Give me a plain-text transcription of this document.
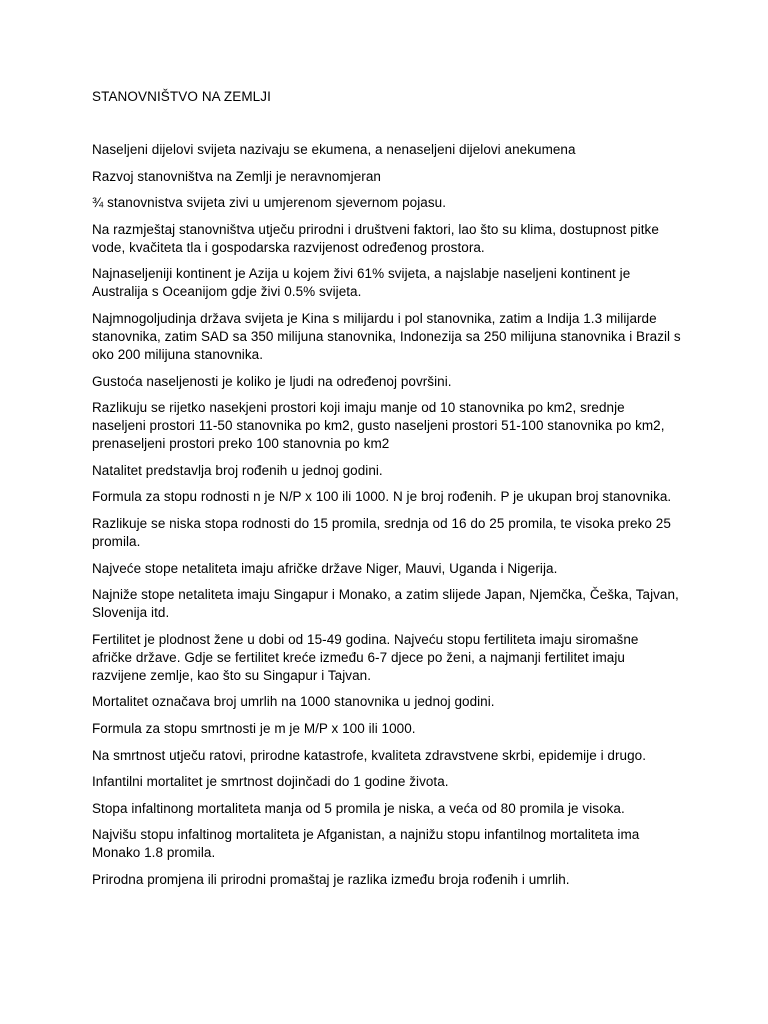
STANOVNIŠTVO NA ZEMLJI

Naseljeni dijelovi svijeta nazivaju se ekumena, a nenaseljeni dijelovi anekumena

Razvoj stanovništva na Zemlji je neravnomjeran

¾ stanovnistva svijeta zivi u umjerenom sjevernom pojasu.

Na razmještaj stanovništva utječu prirodni i društveni faktori, lao što su klima, dostupnost pitke vode, kvačiteta tla i gospodarska razvijenost određenog prostora.

Najnaseljeniji kontinent je Azija u kojem živi 61% svijeta, a najslabje naseljeni kontinent je Australija s Oceanijom gdje živi 0.5% svijeta.

Najmnogoljudinja država svijeta je Kina s milijardu i pol stanovnika, zatim a Indija 1.3 milijarde stanovnika, zatim SAD sa 350 milijuna stanovnika, Indonezija sa 250 milijuna stanovnika i Brazil s oko 200 milijuna stanovnika.

Gustoća naseljenosti je koliko je ljudi na određenoj površini.

Razlikuju se rijetko nasekjeni prostori koji imaju manje od 10 stanovnika po km2, srednje naseljeni prostori 11-50 stanovnika po km2, gusto naseljeni prostori 51-100 stanovnika po km2, prenaseljeni prostori preko 100 stanovnia po km2

Natalitet predstavlja broj rođenih u jednoj godini.

Formula za stopu rodnosti n je N/P x 100 ili 1000. N je broj rođenih. P je ukupan broj stanovnika.

Razlikuje se niska stopa rodnosti do 15 promila, srednja od 16 do 25 promila, te visoka preko 25 promila.

Najveće stope netaliteta imaju afričke države Niger, Mauvi, Uganda i Nigerija.

Najniže stope netaliteta imaju Singapur i Monako, a zatim slijede Japan, Njemčka, Češka, Tajvan, Slovenija itd.

Fertilitet je plodnost žene u dobi od 15-49 godina. Najveću stopu fertiliteta imaju siromašne afričke države. Gdje se fertilitet kreće između 6-7 djece po ženi, a najmanji fertilitet imaju razvijene zemlje, kao što su Singapur i Tajvan.

Mortalitet označava broj umrlih na 1000 stanovnika u jednoj godini.

Formula za stopu smrtnosti je m je M/P x 100 ili 1000.

Na smrtnost utječu ratovi, prirodne katastrofe, kvaliteta zdravstvene skrbi, epidemije i drugo.

Infantilni mortalitet je smrtnost dojinčadi do 1 godine života.

Stopa infaltinong mortaliteta manja od 5 promila je niska, a veća od 80 promila je visoka.

Najvišu stopu infaltinog mortaliteta je Afganistan, a najnižu stopu infantilnog mortaliteta ima Monako 1.8 promila.

Prirodna promjena ili prirodni promaštaj je razlika između broja rođenih i umrlih.
